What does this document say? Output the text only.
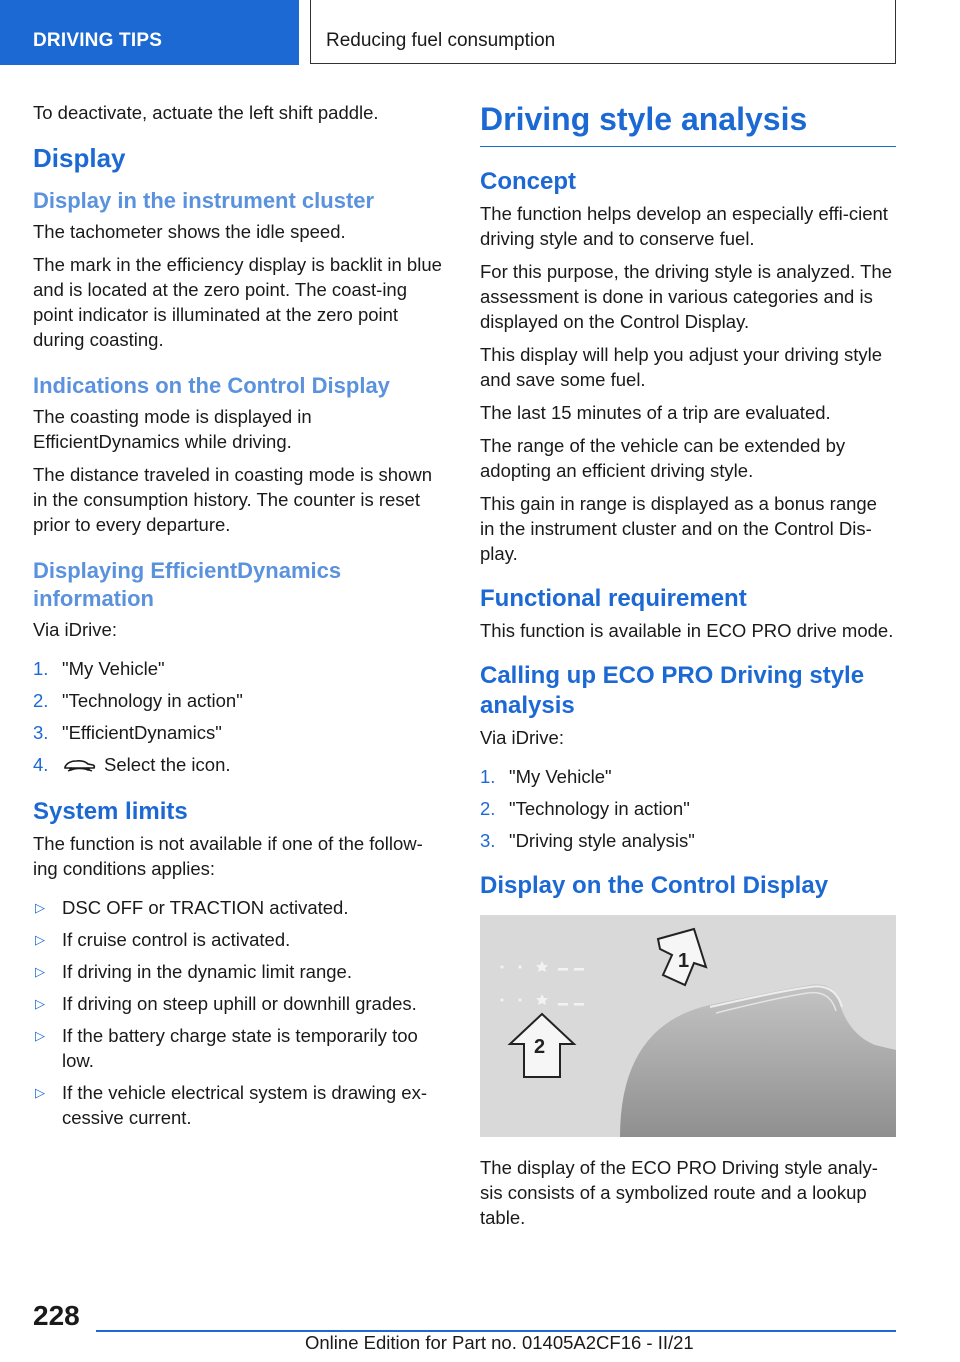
DRIVING TIPS	Reducing fuel consumption

To deactivate, actuate the left shift paddle.

Display
Display in the instrument cluster

The tachometer shows the idle speed.

The mark in the efficiency display is backlit in blue and is located at the zero point. The coast-ing point indicator is illuminated at the zero point during coasting.

Indications on the Control Display

The coasting mode is displayed in EfficientDynamics while driving.

The distance traveled in coasting mode is shown in the consumption history. The counter is reset prior to every departure.

Displaying EfficientDynamics information

Via iDrive:

1. "My Vehicle"
2. "Technology in action"
3. "EfficientDynamics"
4.	Select the icon.
System limits

The function is not available if one of the follow-ing conditions applies:

▷ DSC OFF or TRACTION activated.
▷ If cruise control is activated.
▷ If driving in the dynamic limit range.
▷ If driving on steep uphill or downhill grades.
▷ If the battery charge state is temporarily too low.
▷ If the vehicle electrical system is drawing ex-cessive current.
Driving style analysis
Concept

The function helps develop an especially effi-cient driving style and to conserve fuel.

For this purpose, the driving style is analyzed. The assessment is done in various categories and is displayed on the Control Display.

This display will help you adjust your driving style and save some fuel.

The last 15 minutes of a trip are evaluated.

The range of the vehicle can be extended by adopting an efficient driving style.

This gain in range is displayed as a bonus range in the instrument cluster and on the Control Dis-play.

Functional requirement

This function is available in ECO PRO drive mode.

Calling up ECO PRO Driving style analysis

Via iDrive:

1. "My Vehicle"
2. "Technology in action"
3. "Driving style analysis"
Display on the Control Display
1
2

The display of the ECO PRO Driving style analy-sis consists of a symbolized route and a lookup table.

228
Online Edition for Part no. 01405A2CF16 - II/21
